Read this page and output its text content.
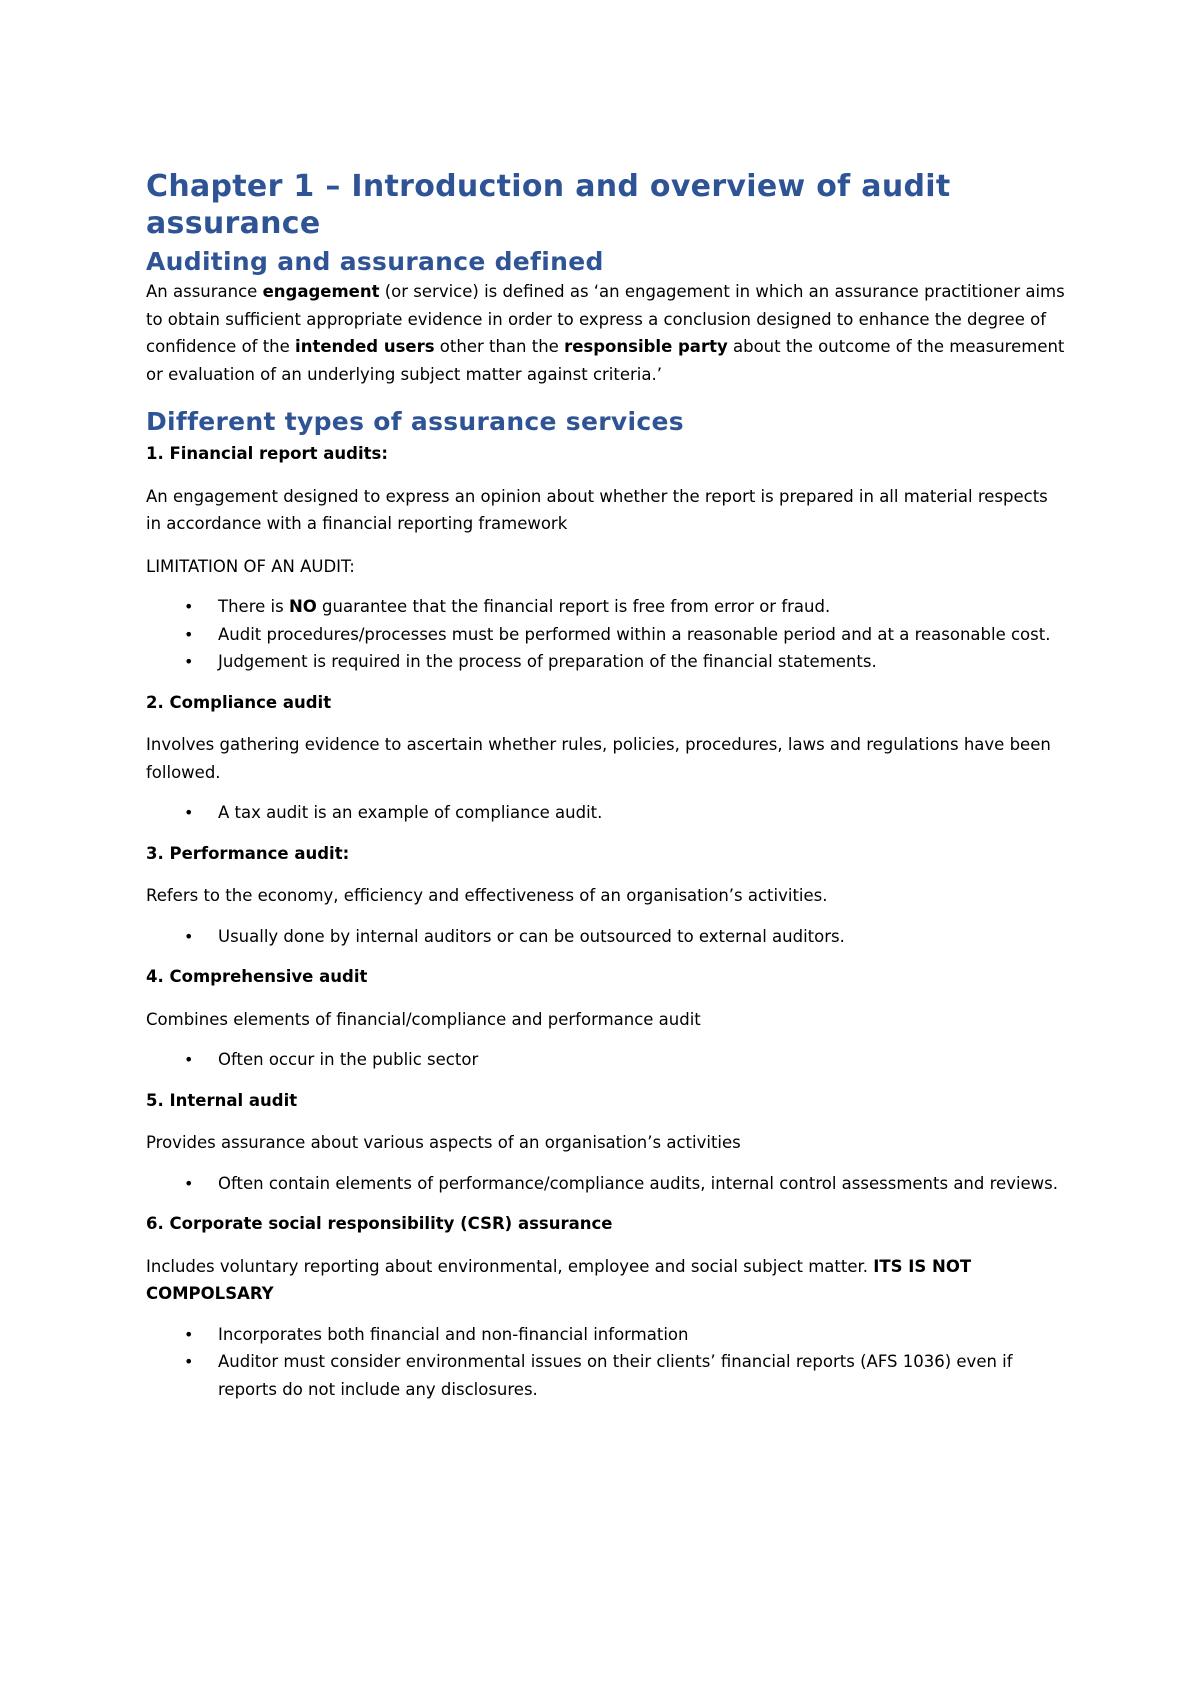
Chapter 1 – Introduction and overview of audit assurance
Auditing and assurance defined

An assurance engagement (or service) is defined as ‘an engagement in which an assurance practitioner aims to obtain sufficient appropriate evidence in order to express a conclusion designed to enhance the degree of confidence of the intended users other than the responsible party about the outcome of the measurement or evaluation of an underlying subject matter against criteria.’

Different types of assurance services

1. Financial report audits:

An engagement designed to express an opinion about whether the report is prepared in all material respects in accordance with a financial reporting framework

LIMITATION OF AN AUDIT:

• There is NO guarantee that the financial report is free from error or fraud.
• Audit procedures/processes must be performed within a reasonable period and at a reasonable cost.
• Judgement is required in the process of preparation of the financial statements.

2. Compliance audit

Involves gathering evidence to ascertain whether rules, policies, procedures, laws and regulations have been followed.

• A tax audit is an example of compliance audit.

3. Performance audit:

Refers to the economy, efficiency and effectiveness of an organisation’s activities.

• Usually done by internal auditors or can be outsourced to external auditors.

4. Comprehensive audit

Combines elements of financial/compliance and performance audit

• Often occur in the public sector

5. Internal audit

Provides assurance about various aspects of an organisation’s activities

• Often contain elements of performance/compliance audits, internal control assessments and reviews.

6. Corporate social responsibility (CSR) assurance

Includes voluntary reporting about environmental, employee and social subject matter. ITS IS NOT COMPOLSARY

• Incorporates both financial and non-financial information
• Auditor must consider environmental issues on their clients’ financial reports (AFS 1036) even if reports do not include any disclosures.
